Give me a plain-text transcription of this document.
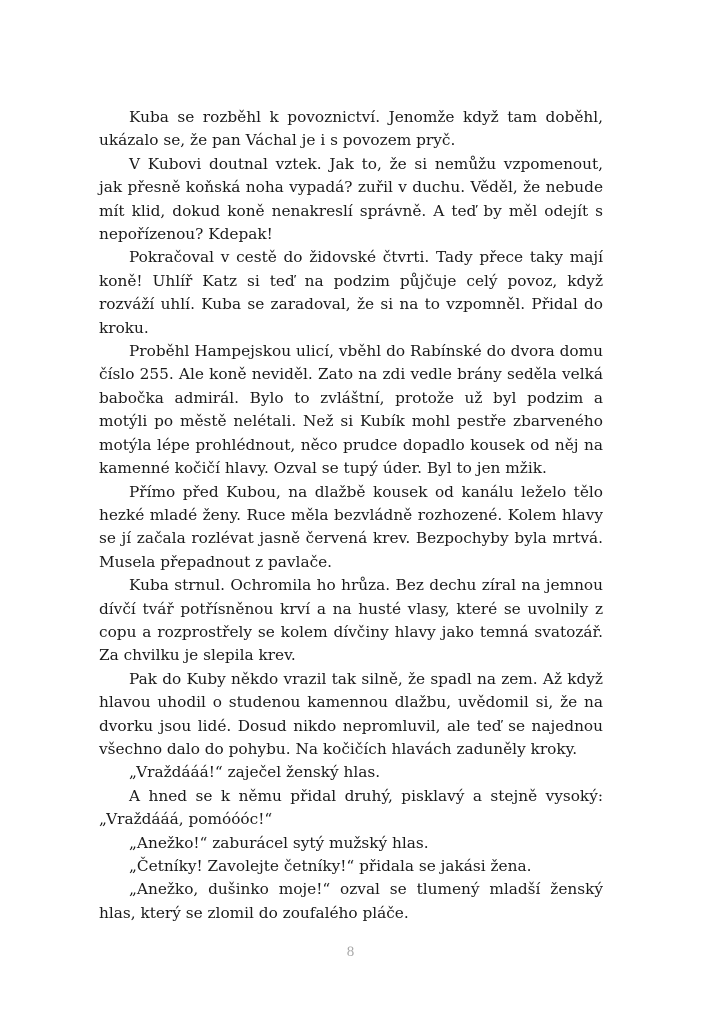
Kuba se rozběhl k povoznictví. Jenomže když tam doběhl, ukázalo se, že pan Váchal je i s povozem pryč.

V Kubovi doutnal vztek. Jak to, že si nemůžu vzpomenout, jak přesně koňská noha vypadá? zuřil v duchu. Věděl, že nebude mít klid, dokud koně nenakreslí správně. A teď by měl odejít s nepořízenou? Kdepak!

Pokračoval v cestě do židovské čtvrti. Tady přece taky mají koně! Uhlíř Katz si teď na podzim půjčuje celý povoz, když rozváží uhlí. Kuba se zaradoval, že si na to vzpomněl. Přidal do kroku.

Proběhl Hampejskou ulicí, vběhl do Rabínské do dvora domu číslo 255. Ale koně neviděl. Zato na zdi vedle brány seděla velká babočka admirál. Bylo to zvláštní, protože už byl podzim a motýli po městě nelétali. Než si Kubík mohl pestře zbarveného motýla lépe prohlédnout, něco prudce dopadlo kousek od něj na kamenné kočičí hlavy. Ozval se tupý úder. Byl to jen mžik.

Přímo před Kubou, na dlažbě kousek od kanálu leželo tělo hezké mladé ženy. Ruce měla bezvládně rozhozené. Kolem hlavy se jí začala rozlévat jasně červená krev. Bezpochyby byla mrtvá. Musela přepadnout z pavlače.

Kuba strnul. Ochromila ho hrůza. Bez dechu zíral na jemnou dívčí tvář potřísněnou krví a na husté vlasy, které se uvolnily z copu a rozprostřely se kolem dívčiny hlavy jako temná svatozář. Za chvilku je slepila krev.

Pak do Kuby někdo vrazil tak silně, že spadl na zem. Až když hlavou uhodil o studenou kamennou dlažbu, uvědomil si, že na dvorku jsou lidé. Dosud nikdo nepromluvil, ale teď se najednou všechno dalo do pohybu. Na kočičích hlavách zaduněly kroky.

„Vraždááá!“ zaječel ženský hlas.

A hned se k němu přidal druhý, pisklavý a stejně vysoký: „Vraždááá, pomóóóc!“

„Anežko!“ zaburácel sytý mužský hlas.

„Četníky! Zavolejte četníky!“ přidala se jakási žena.

„Anežko, dušinko moje!“ ozval se tlumený mladší ženský hlas, který se zlomil do zoufalého pláče.

8
